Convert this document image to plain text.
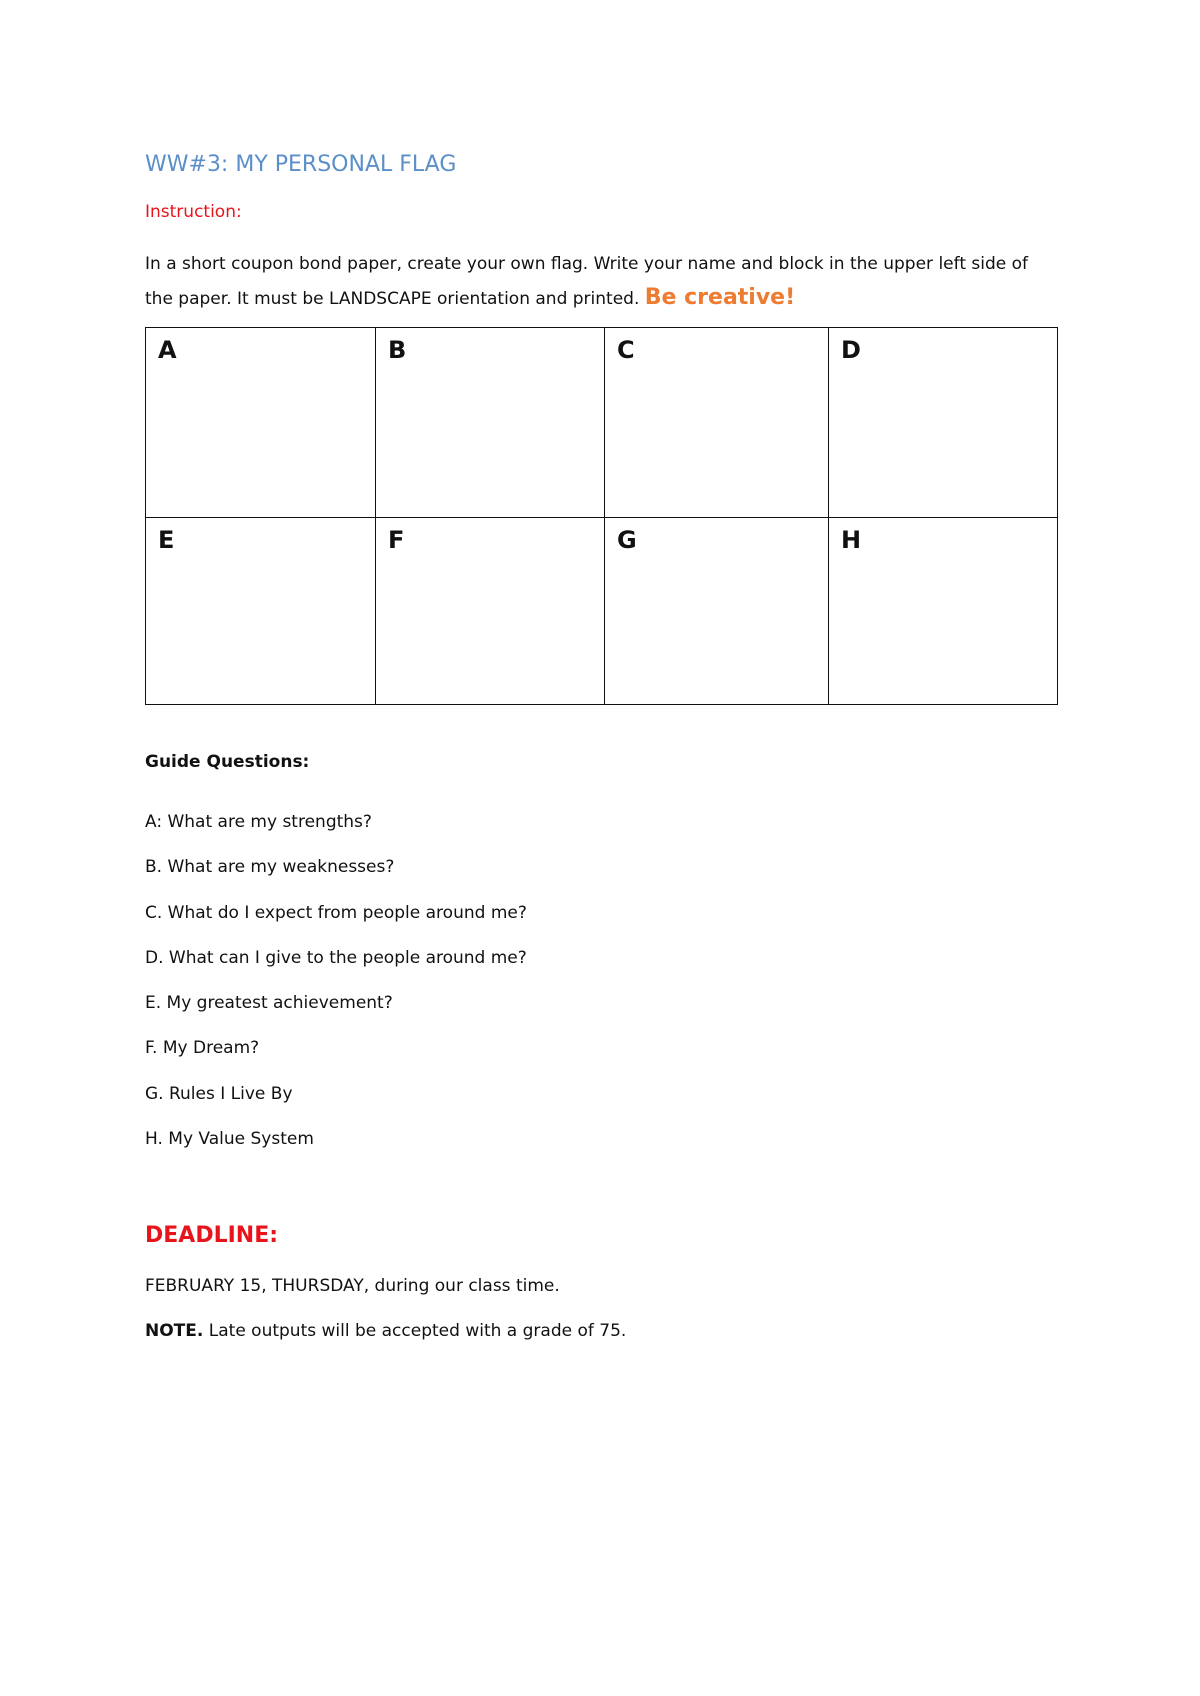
WW#3: MY PERSONAL FLAG
Instruction:
In a short coupon bond paper, create your own flag. Write your name and block in the upper left side of the paper. It must be LANDSCAPE orientation and printed. Be creative!
A	B	C	D
E	F	G	H
Guide Questions:
A: What are my strengths?
B. What are my weaknesses?
C. What do I expect from people around me?
D. What can I give to the people around me?
E. My greatest achievement?
F. My Dream?
G. Rules I Live By
H. My Value System
DEADLINE:
FEBRUARY 15, THURSDAY, during our class time.
NOTE. Late outputs will be accepted with a grade of 75.
